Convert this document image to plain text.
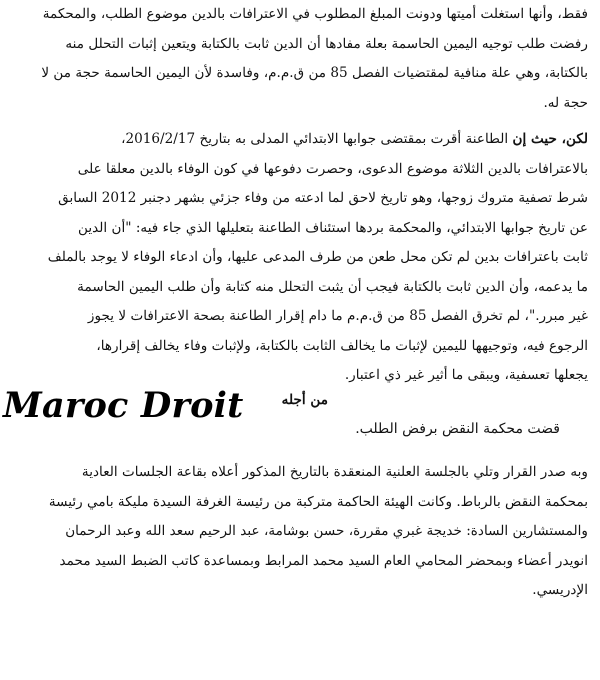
فقط، وأنها استغلت أميتها ودونت المبلغ المطلوب في الاعترافات بالدين موضوع الطلب، والمحكمة
رفضت طلب توجيه اليمين الحاسمة بعلة مفادها أن الدين ثابت بالكتابة ويتعين إثبات التحلل منه
بالكتابة، وهي علة منافية لمقتضيات الفصل 85 من ق.م.م، وفاسدة لأن اليمين الحاسمة حجة من لا
حجة له.

لكن، حيث إن الطاعنة أقرت بمقتضى جوابها الابتدائي المدلى به بتاريخ 2016/2/17،
بالاعترافات بالدين الثلاثة موضوع الدعوى، وحصرت دفوعها في كون الوفاء بالدين معلقا على
شرط تصفية متروك زوجها، وهو تاريخ لاحق لما ادعته من وفاء جزئي بشهر دجنبر 2012 السابق
عن تاريخ جوابها الابتدائي، والمحكمة بردها استئناف الطاعنة بتعليلها الذي جاء فيه: "أن الدين
ثابت باعترافات بدين لم تكن محل طعن من طرف المدعى عليها، وأن ادعاء الوفاء لا يوجد بالملف
ما يدعمه، وأن الدين ثابت بالكتابة فيجب أن يثبت التحلل منه كتابة وأن طلب اليمين الحاسمة
غير مبرر."، لم تخرق الفصل 85 من ق.م.م ما دام إقرار الطاعنة بصحة الاعترافات لا يجوز
الرجوع فيه، وتوجيهها لليمين لإثبات ما يخالف الثابت بالكتابة، ولإثبات وفاء يخالف إقرارها،
يجعلها تعسفية، ويبقى ما أثير غير ذي اعتبار.

من أجله
Maroc Droit
قضت محكمة النقض برفض الطلب.

وبه صدر القرار وتلي بالجلسة العلنية المنعقدة بالتاريخ المذكور أعلاه بقاعة الجلسات العادية
بمحكمة النقض بالرباط. وكانت الهيئة الحاكمة متركبة من رئيسة الغرفة السيدة مليكة بامي رئيسة
والمستشارين السادة: خديجة غبري مقررة، حسن بوشامة، عبد الرحيم سعد الله وعبد الرحمان
انويدر أعضاء وبمحضر المحامي العام السيد محمد المرابط وبمساعدة كاتب الضبط السيد محمد
الإدريسي.
